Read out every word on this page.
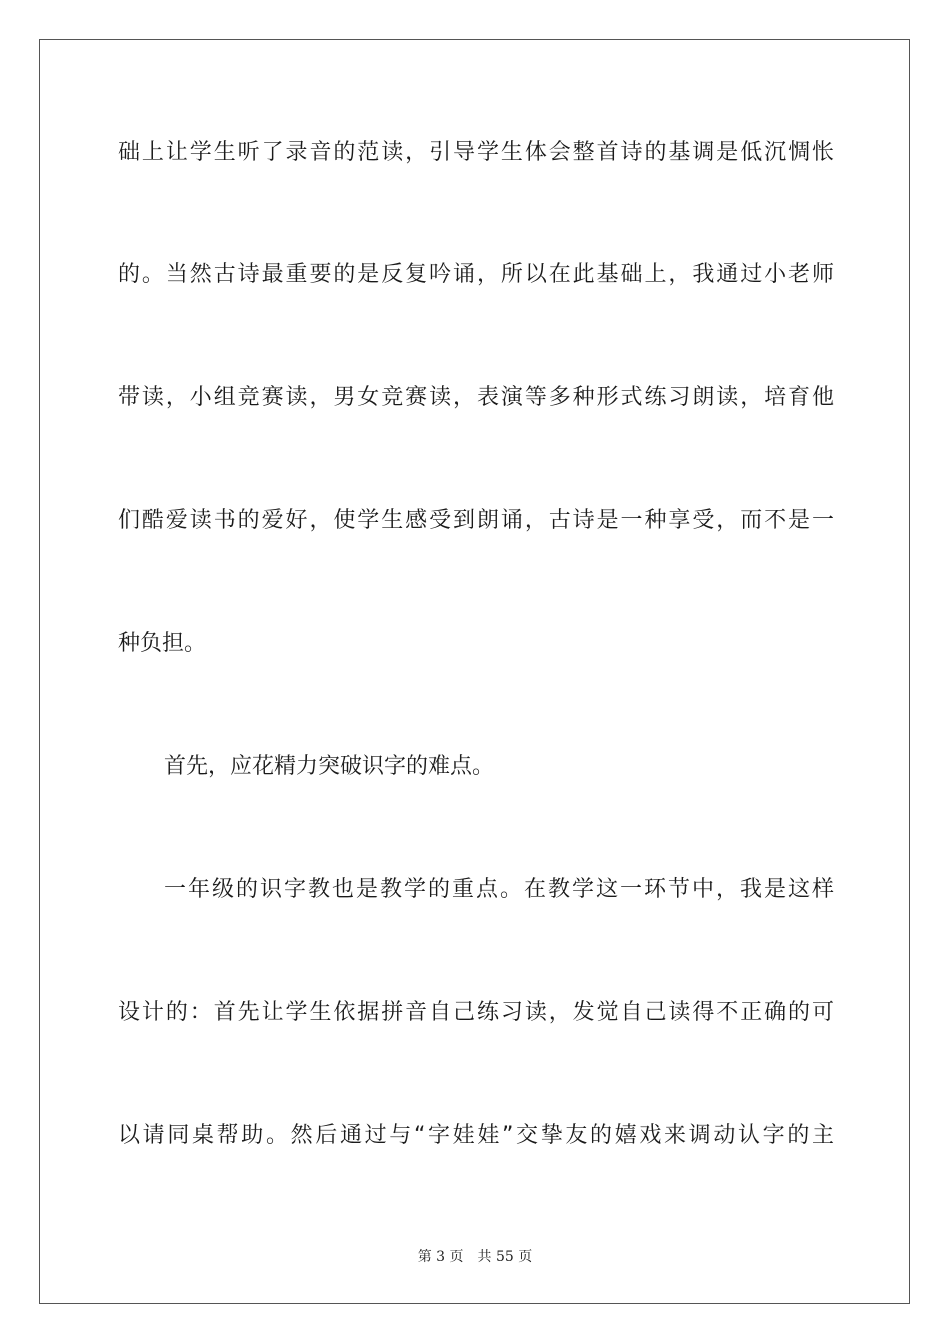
础上让学生听了录音的范读，引导学生体会整首诗的基调是低沉惆怅
的。当然古诗最重要的是反复吟诵，所以在此基础上，我通过小老师
带读，小组竞赛读，男女竞赛读，表演等多种形式练习朗读，培育他
们酷爱读书的爱好，使学生感受到朗诵，古诗是一种享受，而不是一
种负担。
首先，应花精力突破识字的难点。
一年级的识字教也是教学的重点。在教学这一环节中，我是这样
设计的：首先让学生依据拼音自己练习读，发觉自己读得不正确的可
以请同桌帮助。然后通过与“字娃娃”交挚友的嬉戏来调动认字的主
第 3 页 共 55 页
